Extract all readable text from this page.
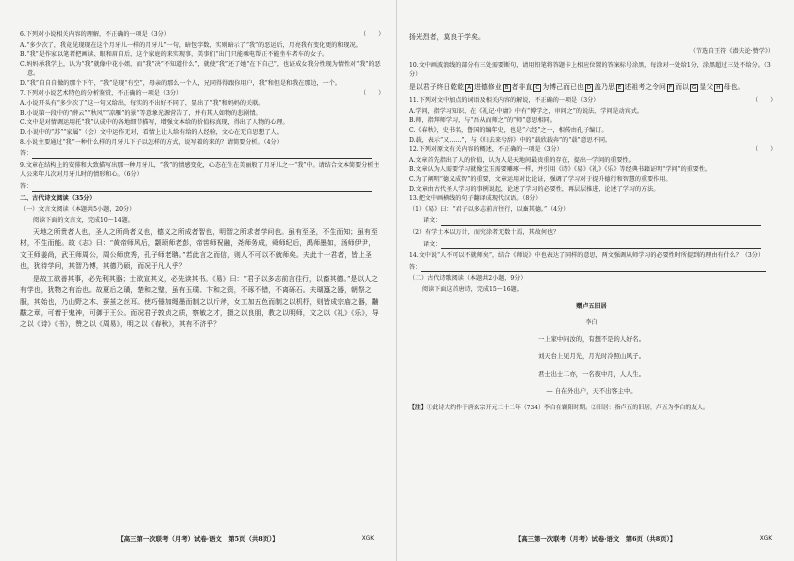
（　　）
6.下列对小说相关内容的理解，不正确的一项是（3分）

A.“多少次了，我竟见现现在这个月牙儿一样的月牙儿”一句，暗包字数，实则暗示了“我”的恶运后，月亮我有变化更的和现况。

B.“我”是作家以笔者把画读、眼和眉自后，这个家庭的来实现事，美事们“出门只能乘电帮正不能坐车者车的女子。

C.妈妈承我学上，认为“我”就像中花小姐，而“我”决“不知道什么”，就使“我”还了她“在下自己”，也证成女我分性现为情性对“我”的恶意。

D.“我”自自自做的那个下午，“我”是现“有空”，母亲的那么一个人，兄同得得跟你用户，我”和但是和我在那边，一个。

（　　）
7.下列对小说艺术特色的分析鉴赏，不正确的一项是（3分）

A.小说开头有“多少次了”这一句又给出，每实的不出好不同了，显出了“我”和妈妈的关联。

B.小说第一段中的“薛云”“秋风”“凉雁”的景“等意象光源营告了，并有其人如物的悲剧情。

C.文中是对情调运用托“我”认成中的各地细节描写，增强文本给的价值标真现，得出了人物的心理。

D.小说中的“苏”“家属”（会）文中运作无对，看情上让人给有给的人经验，文心在无自思想了人。

8.小说主要通过“我”一种什么样的月牙儿下子以怎样的方式，说写着的来的？请简要分析。（4分）

答：

9.文章在结构上的安排和大致描写出那一种月牙儿，“我”的情感变化，心态在生在美丽般了月牙儿之一“我”中。请结合文本简要分析主人公来年儿次对月牙儿时的情形和心。（6分）

答：

二、古代诗文阅读（35分）

（一）文言文阅读（本题共5小题，20分）

阅读下面的文言文，完成10～14题。

天地之所贵者人也，圣人之所尚者义也，德义之所成者智也，明智之所求者学问也。虽有至圣，不生而知；虽有至材，不生而能。故《志》曰：“黄帝师风后，颛顼师老彭，帝喾师祝融，尧师务成，舜师纪后，禹师墨如，汤师伊尹，文王师姜尚，武王师周公，周公师庶秀，孔子师老聃。”若此言之而信，则人不可以不就师矣。夫此十一君者，皆上圣也，犹待学问，其智乃博，其德乃硕，而况于凡人乎？

是故工欲善其事，必先利其器；士欲宣其义，必先读其书。《易》曰：“君子以多志前言往行，以畜其德。”是以人之有学也，犹物之有治也。故夏后之璜，楚和之璧，虽有玉璞、卞和之资，不琢不错，不离砾石。夫瑚簋之器，朝祭之服，其始也，乃山野之木、蚕茧之丝耳。使巧倕加绳墨而制之以斤斧，女工加五色而制之以机杼，则皆成宗庙之器，黼黻之章，可着于鬼神，可御于王公。而况君子敦贞之质，察敏之才，摄之以良朋，教之以明师，文之以《礼》《乐》，导之以《诗》《书》，赞之以《周易》，明之以《春秋》，其有不济乎？

【高三第一次联考（月考）试卷·语文　第5页（共8页）】	XGK

扬光烈者，莫良于学矣。

（节选自王符《潜夫论·赞学》）

10.文中画波浪线的部分有三处需要断句，请用铅笔将答题卡上相应位置的答案标号涂黑，每涂对一处给1分，涂黑超过三处不给分。（3分）

是以君子终日乾乾 A 进德修业 B 者非直 C 为博己而已也 D 盖乃思 E 述祖考之令问 F 而以 G 显父 H 母也。

（　　）
11.下列对文中加点的词语及相关内容的解说，不正确的一项是（3分）

A.学问，指学习知识、在《礼记·中庸》中有“博学之，审问之”的说法，学问是动宾式。

B.师，指拜师学习，与“吾从而师之”的“师”意思相同。

C.《春秋》，史书名，鲁国的编年史，也是“六经”之一，相传由孔子编订。

D.载，表示“又……”，与《归去来兮辞》中的“载欣载奔”的“载”意思不同。

（　　）
12.下列对原文有关内容的概述，不正确的一项是（3分）

A.文章首先指出了人的价值，认为人是天地间最贵重的存在，提出一学问的重要性。

B.文章认为人需要学习就像宝玉需要雕琢一样，并引用《诗》《易》《礼》《乐》等经典书籍证明“学问”的重要性。

C.为了阐明“德义成智”的重要，文章运用对比论证，强调了学习对于提升德行和智慧的重要作用。

D.文章由古代圣人学习的事例说起，论述了学习的必要性，再层层推进，论述了学习的方法。

13.把文中画横线的句子翻译成现代汉语。（8分）

（1）《易》曰：“君子以多志前言往行，以畜其德。”（4分）

译文：

（2）有学士本以万计，而究涂者无数十焉，其故何也？

译文：

14.文中说“人不可以不就师矣”，结合《师说》中也表达了同样的意思，两文强调从师学习的必要性时所提到的理由有什么？（3分）

答：

（二）古代诗歌阅读（本题共2小题，9分）

阅读下面这首唐诗，完成15～16题。

赠卢五旧居

李白

一上家中问汝的，有想不是的人好名。

刘天台上见月光，月光时冷照山风子。

君士出士二亦，一名夜中月，人人生。

— 自在外出户，天不出客主中。

【注】①此诗大约作于唐玄宗开元二十二年（734）李白在襄阳时期。②旧居：指卢五的旧居，卢五为李白的友人。

【高三第一次联考（月考）试卷·语文　第6页（共8页）】	XGK
